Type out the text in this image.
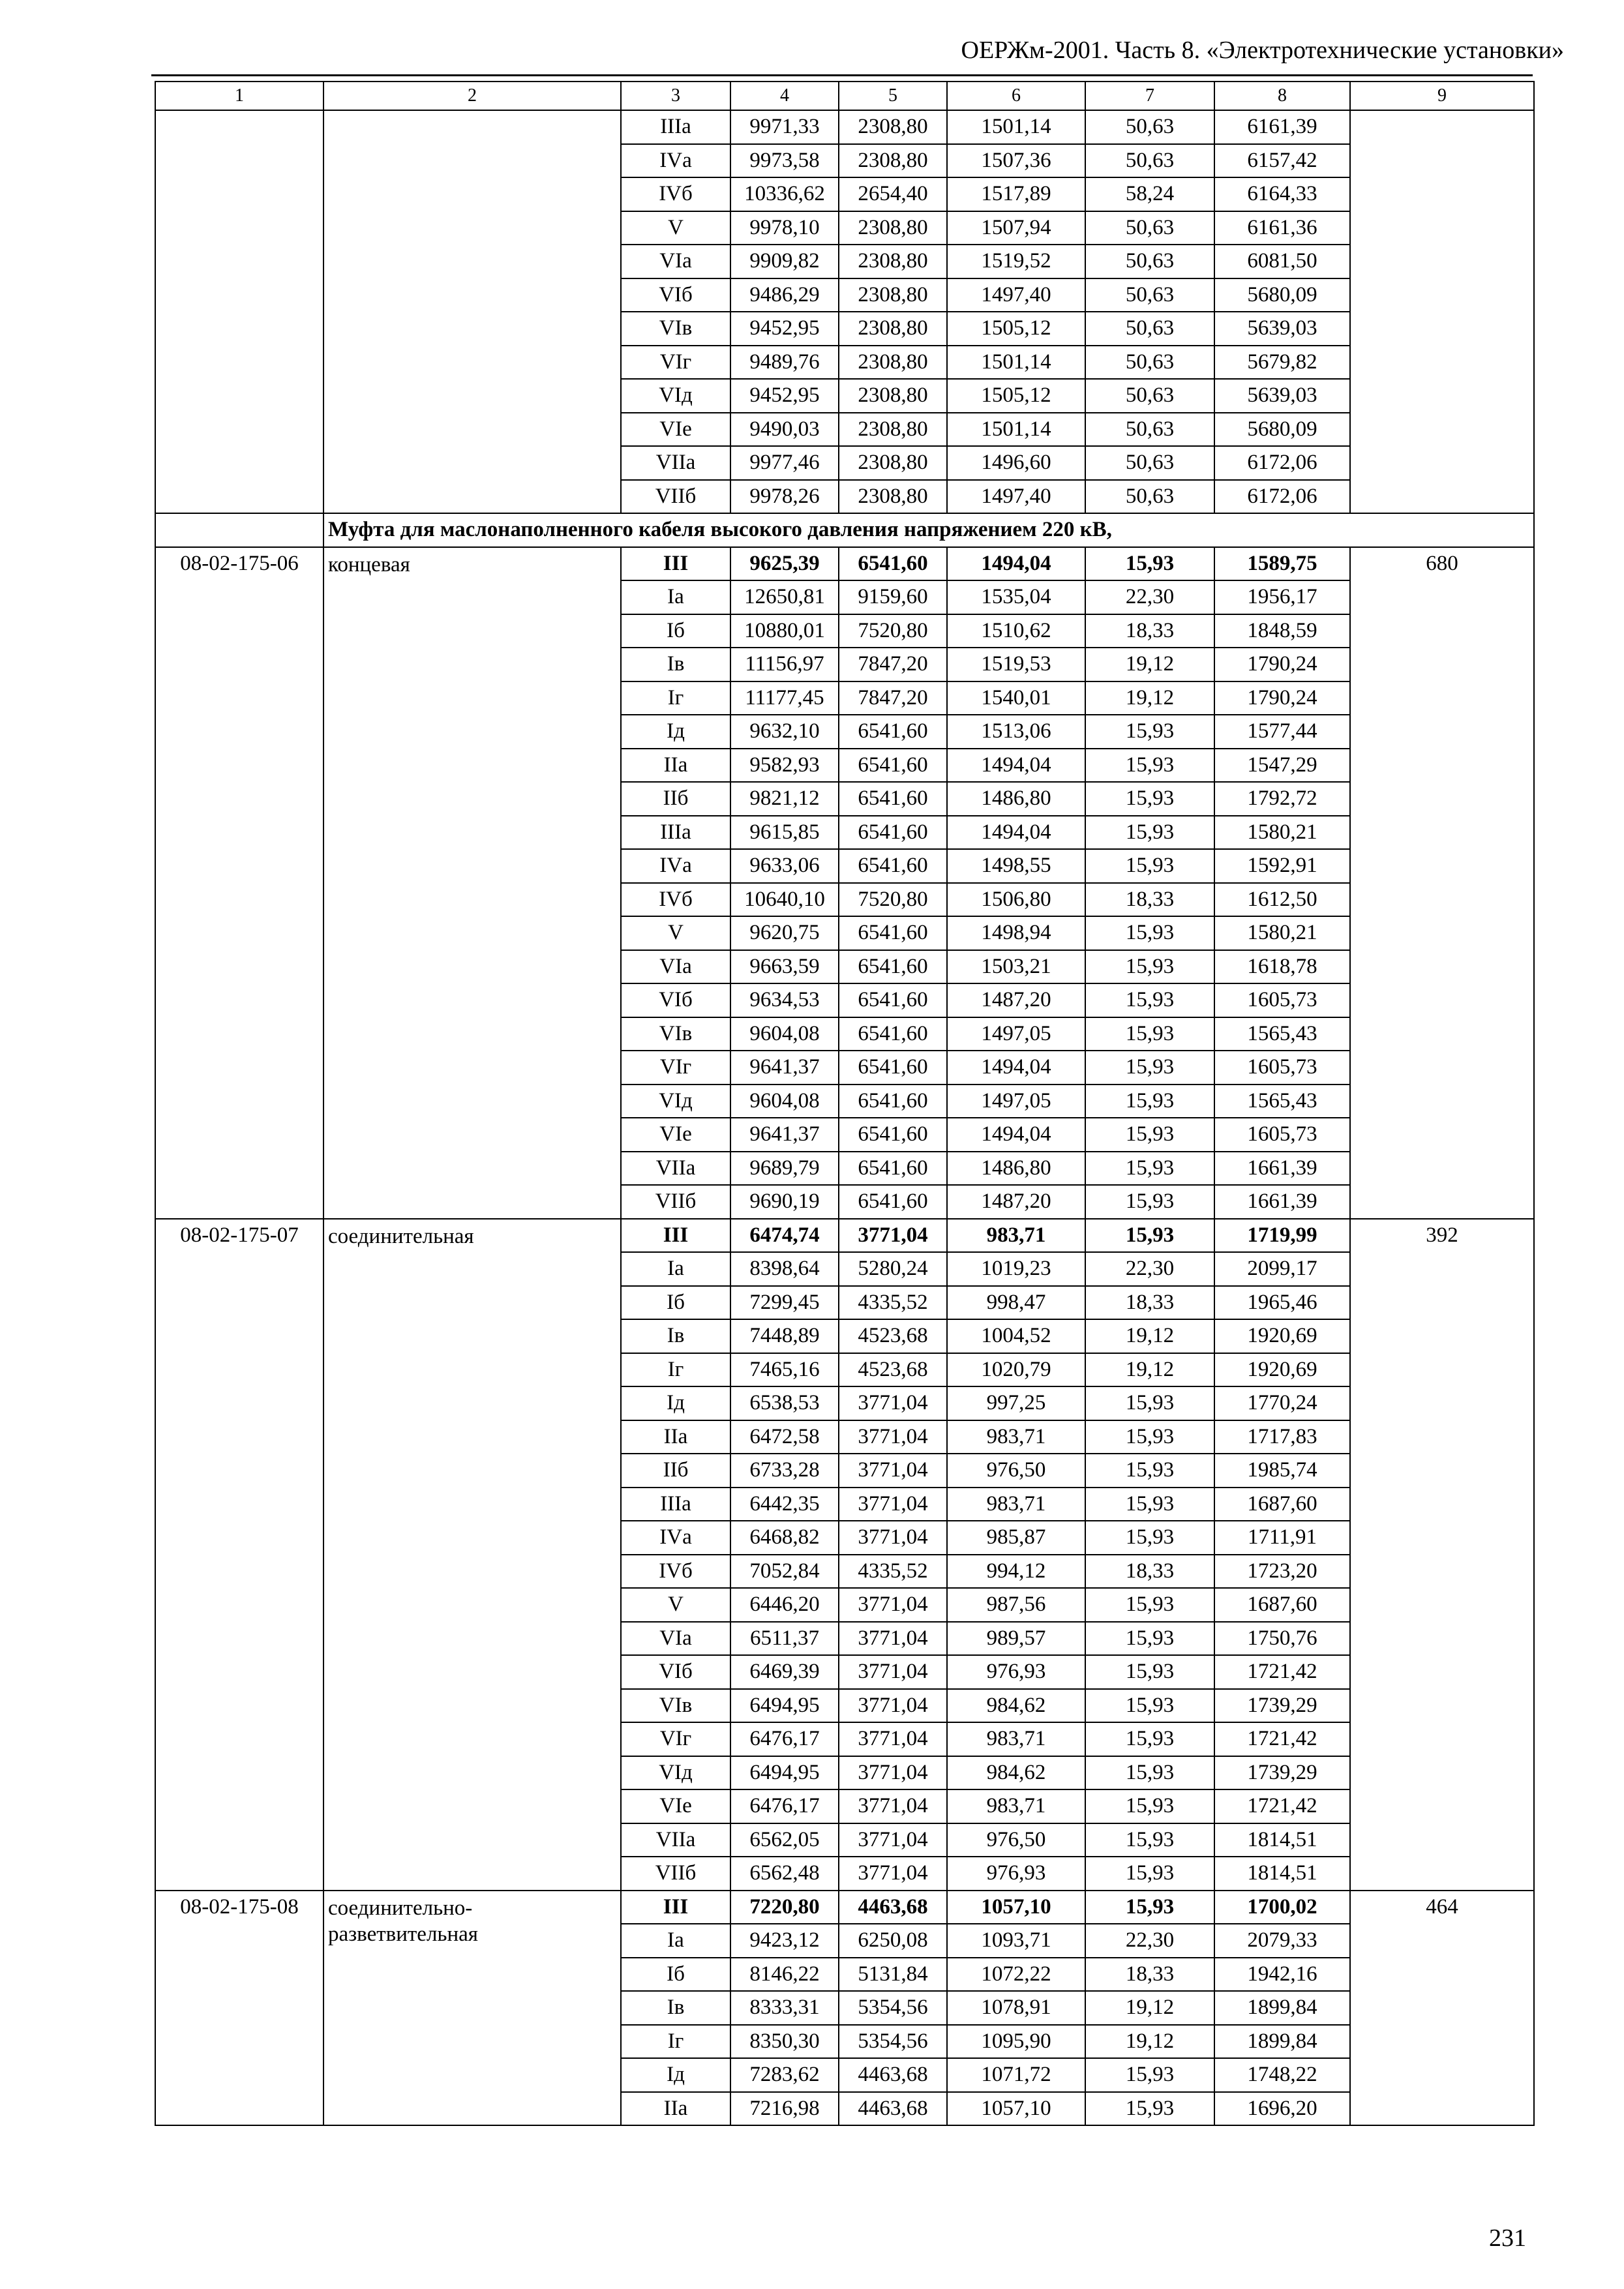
ОЕРЖм-2001. Часть 8. «Электротехнические установки»
1	2	3	4	5	6	7	8	9
		IIIа	9971,33	2308,80	1501,14	50,63	6161,39	
		IVа	9973,58	2308,80	1507,36	50,63	6157,42	
		IVб	10336,62	2654,40	1517,89	58,24	6164,33	
		V	9978,10	2308,80	1507,94	50,63	6161,36	
		VIа	9909,82	2308,80	1519,52	50,63	6081,50	
		VIб	9486,29	2308,80	1497,40	50,63	5680,09	
		VIв	9452,95	2308,80	1505,12	50,63	5639,03	
		VIг	9489,76	2308,80	1501,14	50,63	5679,82	
		VIд	9452,95	2308,80	1505,12	50,63	5639,03	
		VIе	9490,03	2308,80	1501,14	50,63	5680,09	
		VIIа	9977,46	2308,80	1496,60	50,63	6172,06	
		VIIб	9978,26	2308,80	1497,40	50,63	6172,06	
	Муфта для маслонаполненного кабеля высокого давления напряжением 220 кВ,							
08-02-175-06	концевая	III	9625,39	6541,60	1494,04	15,93	1589,75	680
		Iа	12650,81	9159,60	1535,04	22,30	1956,17	
		Iб	10880,01	7520,80	1510,62	18,33	1848,59	
		Iв	11156,97	7847,20	1519,53	19,12	1790,24	
		Iг	11177,45	7847,20	1540,01	19,12	1790,24	
		Iд	9632,10	6541,60	1513,06	15,93	1577,44	
		IIа	9582,93	6541,60	1494,04	15,93	1547,29	
		IIб	9821,12	6541,60	1486,80	15,93	1792,72	
		IIIа	9615,85	6541,60	1494,04	15,93	1580,21	
		IVа	9633,06	6541,60	1498,55	15,93	1592,91	
		IVб	10640,10	7520,80	1506,80	18,33	1612,50	
		V	9620,75	6541,60	1498,94	15,93	1580,21	
		VIа	9663,59	6541,60	1503,21	15,93	1618,78	
		VIб	9634,53	6541,60	1487,20	15,93	1605,73	
		VIв	9604,08	6541,60	1497,05	15,93	1565,43	
		VIг	9641,37	6541,60	1494,04	15,93	1605,73	
		VIд	9604,08	6541,60	1497,05	15,93	1565,43	
		VIе	9641,37	6541,60	1494,04	15,93	1605,73	
		VIIа	9689,79	6541,60	1486,80	15,93	1661,39	
		VIIб	9690,19	6541,60	1487,20	15,93	1661,39	
08-02-175-07	соединительная	III	6474,74	3771,04	983,71	15,93	1719,99	392
		Iа	8398,64	5280,24	1019,23	22,30	2099,17	
		Iб	7299,45	4335,52	998,47	18,33	1965,46	
		Iв	7448,89	4523,68	1004,52	19,12	1920,69	
		Iг	7465,16	4523,68	1020,79	19,12	1920,69	
		Iд	6538,53	3771,04	997,25	15,93	1770,24	
		IIа	6472,58	3771,04	983,71	15,93	1717,83	
		IIб	6733,28	3771,04	976,50	15,93	1985,74	
		IIIа	6442,35	3771,04	983,71	15,93	1687,60	
		IVа	6468,82	3771,04	985,87	15,93	1711,91	
		IVб	7052,84	4335,52	994,12	18,33	1723,20	
		V	6446,20	3771,04	987,56	15,93	1687,60	
		VIа	6511,37	3771,04	989,57	15,93	1750,76	
		VIб	6469,39	3771,04	976,93	15,93	1721,42	
		VIв	6494,95	3771,04	984,62	15,93	1739,29	
		VIг	6476,17	3771,04	983,71	15,93	1721,42	
		VIд	6494,95	3771,04	984,62	15,93	1739,29	
		VIе	6476,17	3771,04	983,71	15,93	1721,42	
		VIIа	6562,05	3771,04	976,50	15,93	1814,51	
		VIIб	6562,48	3771,04	976,93	15,93	1814,51	
08-02-175-08	соединительно-разветвительная	III	7220,80	4463,68	1057,10	15,93	1700,02	464
		Iа	9423,12	6250,08	1093,71	22,30	2079,33	
		Iб	8146,22	5131,84	1072,22	18,33	1942,16	
		Iв	8333,31	5354,56	1078,91	19,12	1899,84	
		Iг	8350,30	5354,56	1095,90	19,12	1899,84	
		Iд	7283,62	4463,68	1071,72	15,93	1748,22	
		IIа	7216,98	4463,68	1057,10	15,93	1696,20	
231
